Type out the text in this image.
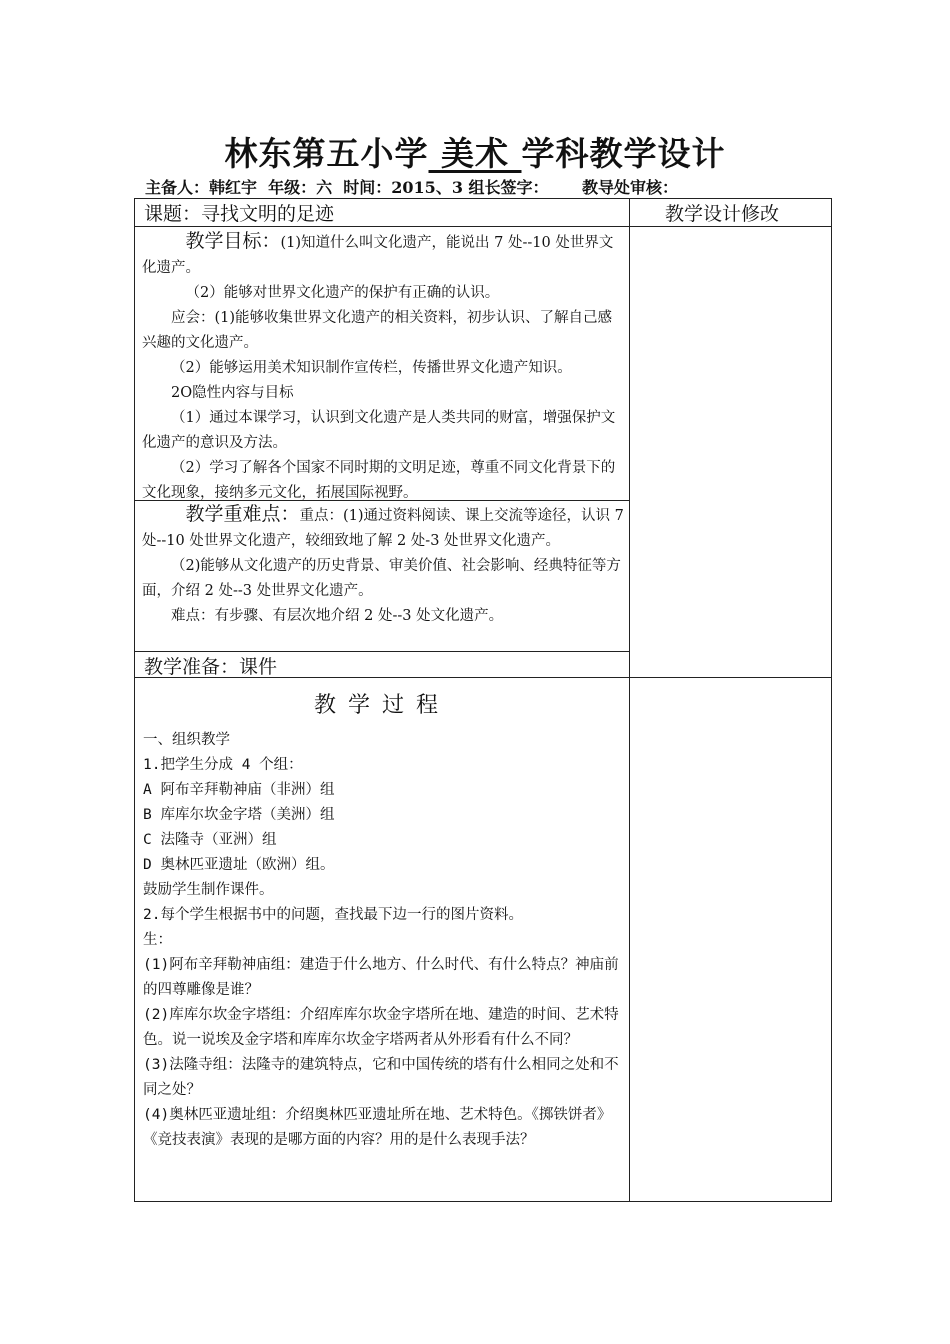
林东第五小学 美术 学科教学设计
主备人：韩红宇  年级：六  时间：2015、3 组长签字：      教导处审核：
课题：寻找文明的足迹	教学设计修改

教学目标：(1)知道什么叫文化遗产，能说出 7 处--10 处世界文化遗产。

（2）能够对世界文化遗产的保护有正确的认识。

应会：(1)能够收集世界文化遗产的相关资料，初步认识、了解自己感兴趣的文化遗产。

（2）能够运用美术知识制作宣传栏，传播世界文化遗产知识。

2О隐性内容与目标

（1）通过本课学习，认识到文化遗产是人类共同的财富，增强保护文化遗产的意识及方法。

（2）学习了解各个国家不同时期的文明足迹，尊重不同文化背景下的文化现象，接纳多元文化，拓展国际视野。

教学重难点：重点：(1)通过资料阅读、课上交流等途径，认识 7 处--10 处世界文化遗产，较细致地了解 2 处-3 处世界文化遗产。

（2)能够从文化遗产的历史背景、审美价值、社会影响、经典特征等方面，介绍 2 处--3 处世界文化遗产。

难点：有步骤、有层次地介绍 2 处--3 处文化遗产。

教学准备：课件
教学过程

一、组织教学

1.把学生分成 4 个组：

A 阿布辛拜勒神庙（非洲）组

B 库库尔坎金字塔（美洲）组

C 法隆寺（亚洲）组

D 奥林匹亚遗址（欧洲）组。

鼓励学生制作课件。

2.每个学生根据书中的问题，查找最下边一行的图片资料。

生：

(1)阿布辛拜勒神庙组：建造于什么地方、什么时代、有什么特点？神庙前的四尊雕像是谁？

(2)库库尔坎金字塔组：介绍库库尔坎金字塔所在地、建造的时间、艺术特色。说一说埃及金字塔和库库尔坎金字塔两者从外形看有什么不同？

(3)法隆寺组：法隆寺的建筑特点，它和中国传统的塔有什么相同之处和不同之处？

(4)奥林匹亚遗址组：介绍奥林匹亚遗址所在地、艺术特色。《掷铁饼者》《竞技表演》表现的是哪方面的内容？用的是什么表现手法？
